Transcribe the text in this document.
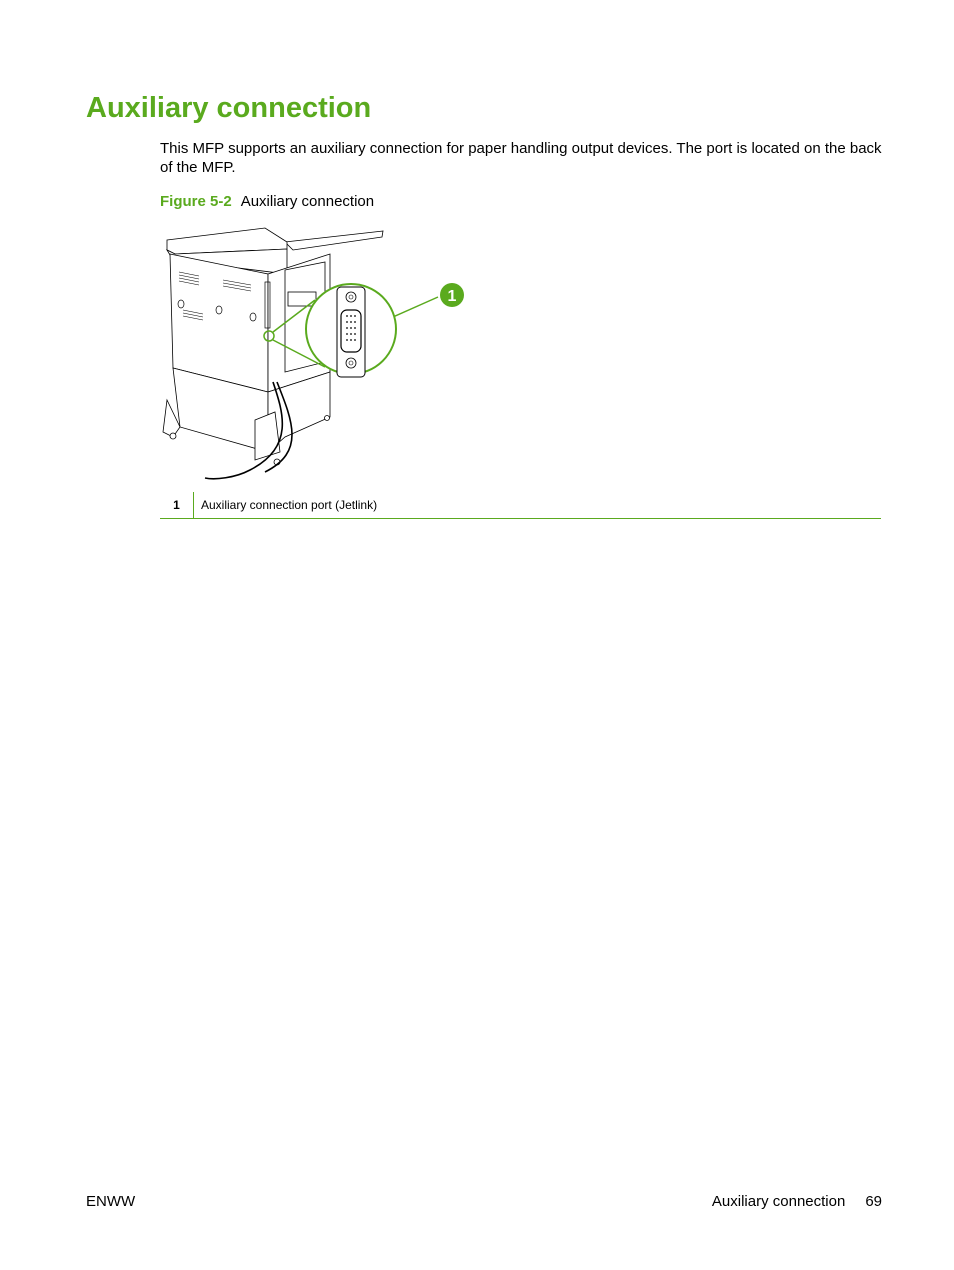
Auxiliary connection

This MFP supports an auxiliary connection for paper handling output devices. The port is located on the back of the MFP.

Figure 5-2 Auxiliary connection

1
1	Auxiliary connection port (Jetlink)
ENWW	Auxiliary connection 69
